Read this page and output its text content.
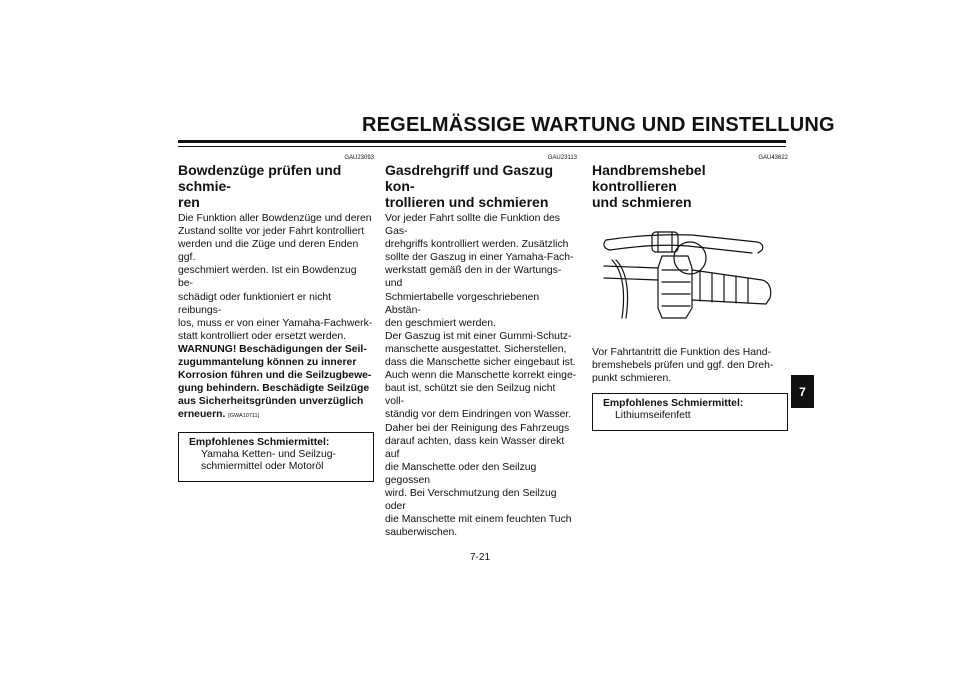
REGELMÄSSIGE WARTUNG UND EINSTELLUNG
GAU23093
Bowdenzüge prüfen und schmie-
ren

Die Funktion aller Bowdenzüge und deren

Zustand sollte vor jeder Fahrt kontrolliert

werden und die Züge und deren Enden ggf.

geschmiert werden. Ist ein Bowdenzug be-

schädigt oder funktioniert er nicht reibungs-

los, muss er von einer Yamaha-Fachwerk-

statt kontrolliert oder ersetzt werden.

WARNUNG! Beschädigungen der Seil-

zugummantelung können zu innerer

Korrosion führen und die Seilzugbewe-

gung behindern. Beschädigte Seilzüge

aus Sicherheitsgründen unverzüglich

erneuern. [GWA10711]

Empfohlenes Schmiermittel:
Yamaha Ketten- und Seilzug-
schmiermittel oder Motoröl
GAU23113
Gasdrehgriff und Gaszug kon-
trollieren und schmieren

Vor jeder Fahrt sollte die Funktion des Gas-

drehgriffs kontrolliert werden. Zusätzlich

sollte der Gaszug in einer Yamaha-Fach-

werkstatt gemäß den in der Wartungs- und

Schmiertabelle vorgeschriebenen Abstän-

den geschmiert werden.

Der Gaszug ist mit einer Gummi-Schutz-

manschette ausgestattet. Sicherstellen,

dass die Manschette sicher eingebaut ist.

Auch wenn die Manschette korrekt einge-

baut ist, schützt sie den Seilzug nicht voll-

ständig vor dem Eindringen von Wasser.

Daher bei der Reinigung des Fahrzeugs

darauf achten, dass kein Wasser direkt auf

die Manschette oder den Seilzug gegossen

wird. Bei Verschmutzung den Seilzug oder

die Manschette mit einem feuchten Tuch

sauberwischen.

GAU43622
Handbremshebel kontrollieren
und schmieren

Vor Fahrtantritt die Funktion des Hand-

bremshebels prüfen und ggf. den Dreh-

punkt schmieren.

Empfohlenes Schmiermittel:
Lithiumseifenfett
7
7-21
